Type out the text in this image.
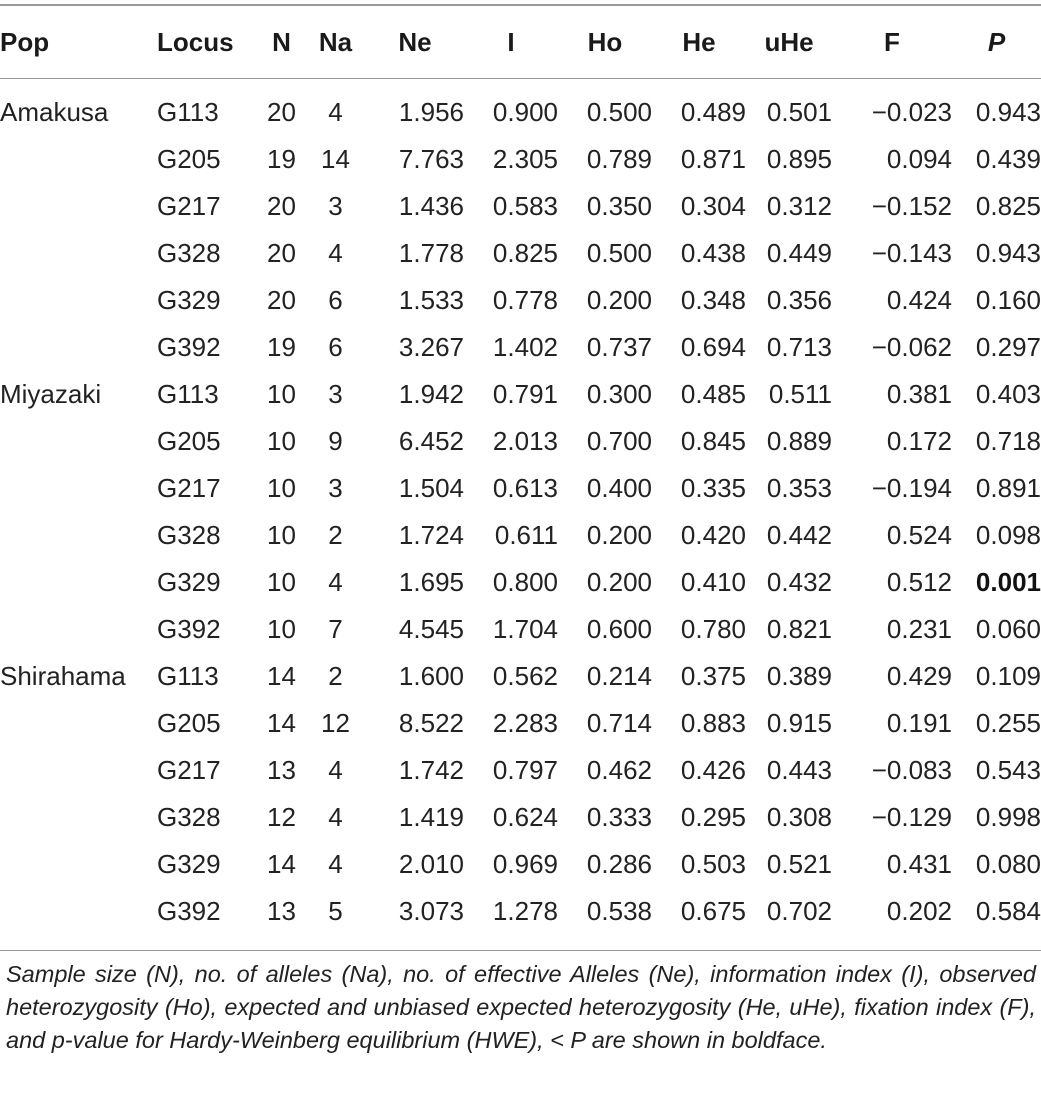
Pop	Locus	N	Na	Ne	I	Ho	He	uHe	F	P
Amakusa	G113	20	4	1.956	0.900	0.500	0.489	0.501	−0.023	0.943
	G205	19	14	7.763	2.305	0.789	0.871	0.895	0.094	0.439
	G217	20	3	1.436	0.583	0.350	0.304	0.312	−0.152	0.825
	G328	20	4	1.778	0.825	0.500	0.438	0.449	−0.143	0.943
	G329	20	6	1.533	0.778	0.200	0.348	0.356	0.424	0.160
	G392	19	6	3.267	1.402	0.737	0.694	0.713	−0.062	0.297
Miyazaki	G113	10	3	1.942	0.791	0.300	0.485	0.511	0.381	0.403
	G205	10	9	6.452	2.013	0.700	0.845	0.889	0.172	0.718
	G217	10	3	1.504	0.613	0.400	0.335	0.353	−0.194	0.891
	G328	10	2	1.724	0.611	0.200	0.420	0.442	0.524	0.098
	G329	10	4	1.695	0.800	0.200	0.410	0.432	0.512	0.001
	G392	10	7	4.545	1.704	0.600	0.780	0.821	0.231	0.060
Shirahama	G113	14	2	1.600	0.562	0.214	0.375	0.389	0.429	0.109
	G205	14	12	8.522	2.283	0.714	0.883	0.915	0.191	0.255
	G217	13	4	1.742	0.797	0.462	0.426	0.443	−0.083	0.543
	G328	12	4	1.419	0.624	0.333	0.295	0.308	−0.129	0.998
	G329	14	4	2.010	0.969	0.286	0.503	0.521	0.431	0.080
	G392	13	5	3.073	1.278	0.538	0.675	0.702	0.202	0.584
Sample size (N), no. of alleles (Na), no. of effective Alleles (Ne), information index (I), observed heterozygosity (Ho), expected and unbiased expected heterozygosity (He, uHe), fixation index (F), and p-value for Hardy-Weinberg equilibrium (HWE), < P are shown in boldface.
